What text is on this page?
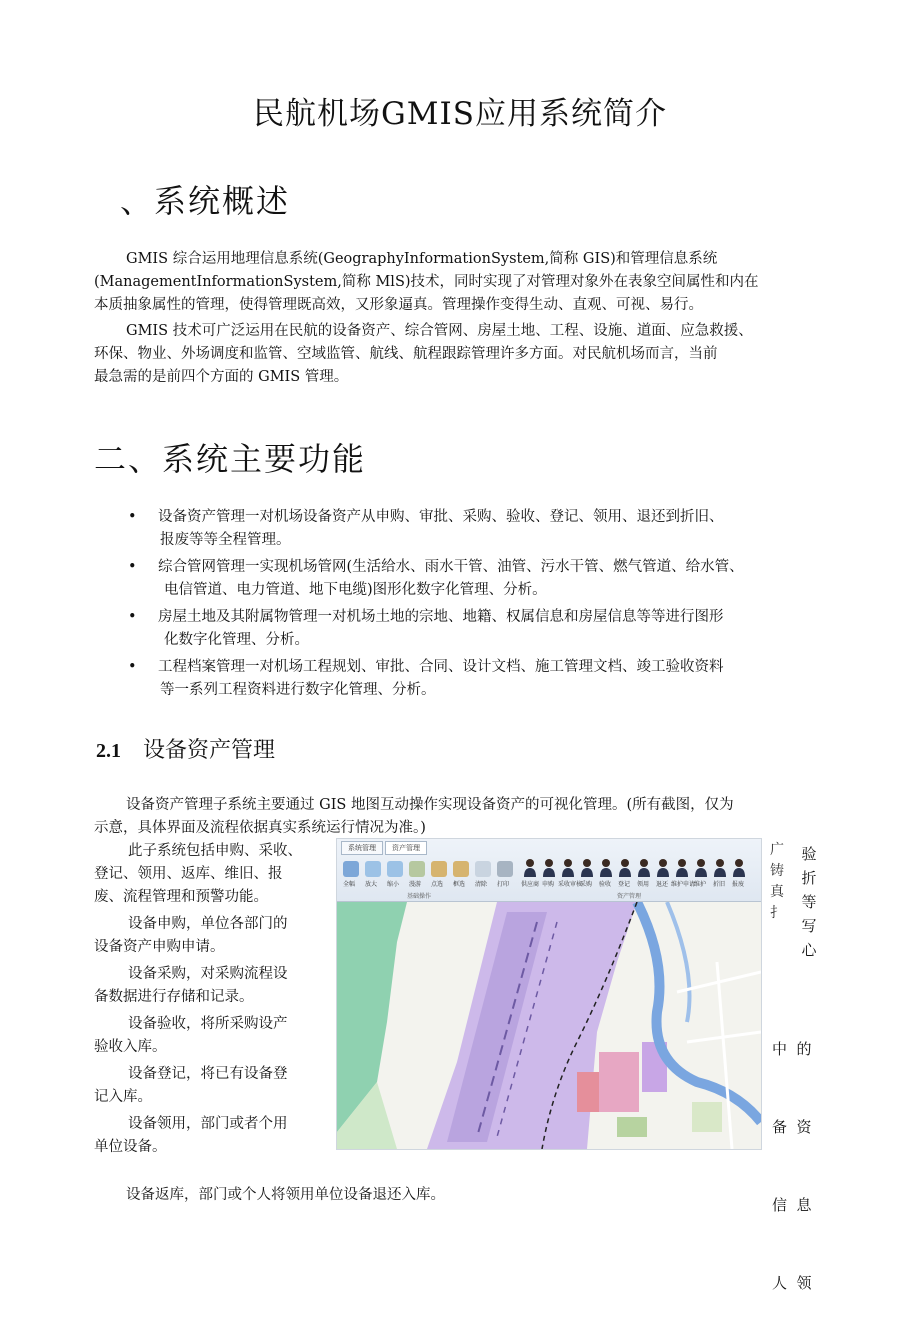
民航机场GMIS应用系统简介
、系统概述
GMIS 综合运用地理信息系统(GeographyInformationSystem,简称 GIS)和管理信息系统
(ManagementInformationSystem,简称 MlS)技术，同时实现了对管理对象外在表象空间属性和内在
本质抽象属性的管理，使得管理既高效，又形象逼真。管理操作变得生动、直观、可视、易行。
GMIS 技术可广泛运用在民航的设备资产、综合管网、房屋土地、工程、设施、道面、应急救援、
环保、物业、外场调度和监管、空域监管、航线、航程跟踪管理许多方面。对民航机场而言，当前
最急需的是前四个方面的 GMIS 管理。
二、系统主要功能
• 设备资产管理一对机场设备资产从申购、审批、采购、验收、登记、领用、退还到折旧、
报废等等全程管理。
• 综合管网管理一实现机场管网(生活给水、雨水干管、油管、污水干管、燃气管道、给水管、
电信管道、电力管道、地下电缆)图形化数字化管理、分析。
• 房屋土地及其附属物管理一对机场土地的宗地、地籍、权属信息和房屋信息等等进行图形
化数字化管理、分析。
• 工程档案管理一对机场工程规划、审批、合同、设计文档、施工管理文档、竣工验收资料
等一系列工程资料进行数字化管理、分析。
2.1 设备资产管理
设备资产管理子系统主要通过 GIS 地图互动操作实现设备资产的可视化管理。(所有截图，仅为
示意，具体界面及流程依据真实系统运行情况为准。)

此子系统包括申购、采收、
登记、领用、返库、维旧、报
废、流程管理和预警功能。

设备申购，单位各部门的
设备资产申购申请。

设备采购，对采购流程设
备数据进行存储和记录。

设备验收，将所采购设产
验收入库。

设备登记，将已有设备登
记入库。

设备领用，部门或者个用
单位设备。

广
铸
真
扌
验
折
等
写
心

中  的

备  资

信  息

人  领

系统管理 资产管理
全幅 放大 缩小 漫游 点选 框选 清除 打印 供应商 申购 采收审核
采购 验收 登记 领用 退还 维护申请
维护 折旧 报废
基础操作	资产管理
设备返库，部门或个人将领用单位设备退还入库。
